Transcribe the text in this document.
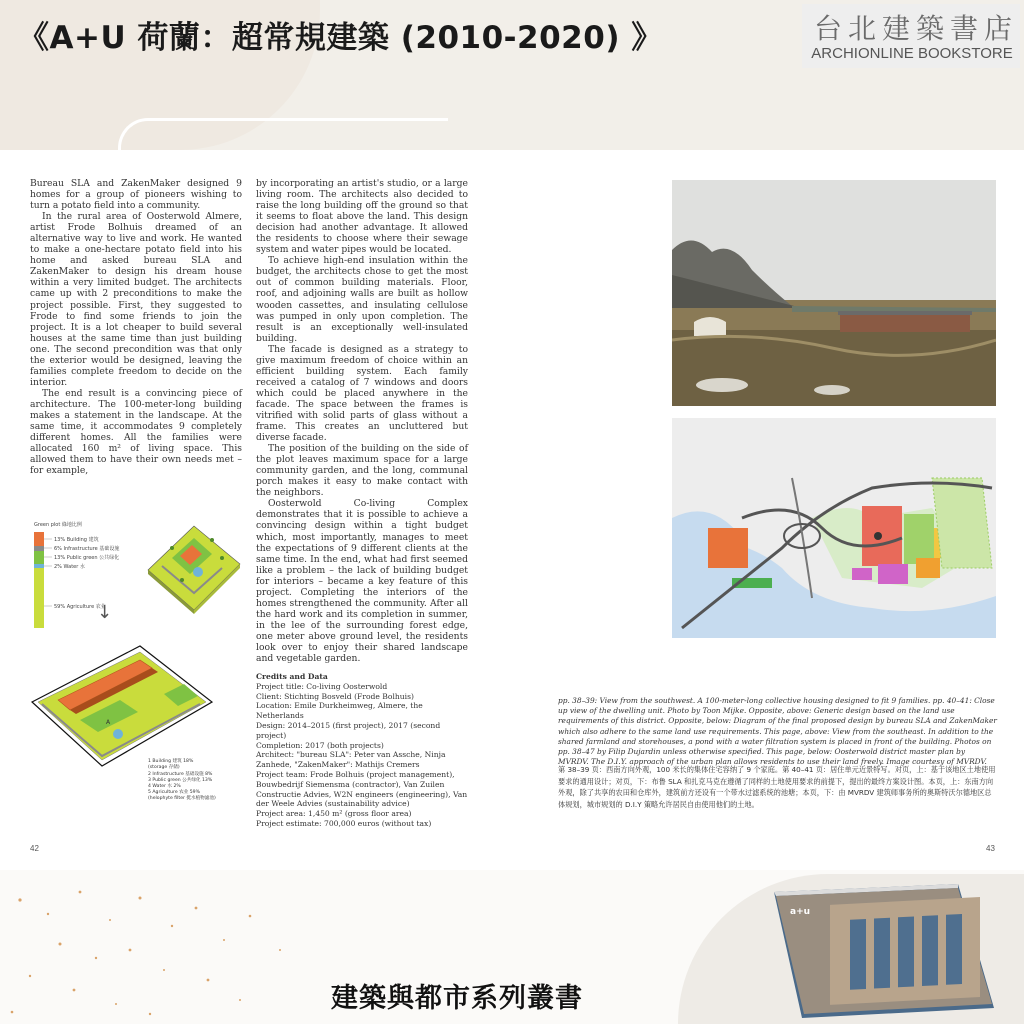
《A+U 荷蘭：超常規建築 (2010-2020) 》	台北建築書店
ARCHIONLINE BOOKSTORE

Bureau SLA and ZakenMaker designed 9 homes for a group of pioneers wishing to turn a potato field into a community.

In the rural area of Oosterwold Almere, artist Frode Bolhuis dreamed of an alternative way to live and work. He wanted to make a one-hectare potato field into his home and asked bureau SLA and ZakenMaker to design his dream house within a very limited budget. The architects came up with 2 preconditions to make the project possible. First, they suggested to Frode to find some friends to join the project. It is a lot cheaper to build several houses at the same time than just building one. The second precondition was that only the exterior would be designed, leaving the families complete freedom to decide on the interior.

The end result is a convincing piece of architecture. The 100-meter-long building makes a statement in the landscape. At the same time, it accommodates 9 completely different homes. All the families were allocated 160 m² of living space. This allowed them to have their own needs met – for example,

by incorporating an artist's studio, or a large living room. The architects also decided to raise the long building off the ground so that it seems to float above the land. This design decision had another advantage. It allowed the residents to choose where their sewage system and water pipes would be located.

To achieve high-end insulation within the budget, the architects chose to get the most out of common building materials. Floor, roof, and adjoining walls are built as hollow wooden cassettes, and insulating cellulose was pumped in only upon completion. The result is an exceptionally well-insulated building.

The facade is designed as a strategy to give maximum freedom of choice within an efficient building system. Each family received a catalog of 7 windows and doors which could be placed anywhere in the facade. The space between the frames is vitrified with solid parts of glass without a frame. This creates an uncluttered but diverse facade.

The position of the building on the side of the plot leaves maximum space for a large community garden, and the long, communal porch makes it easy to make contact with the neighbors.

Oosterwold Co-living Complex demonstrates that it is possible to achieve a convincing design within a tight budget which, most importantly, manages to meet the expectations of 9 different clients at the same time. In the end, what had first seemed like a problem – the lack of building budget for interiors – became a key feature of this project. Completing the interiors of the homes strengthened the community. After all the hard work and its completion in summer, in the lee of the surrounding forest edge, one meter above ground level, the residents look over to enjoy their shared landscape and vegetable garden.

Green plot 綠地比例
13% Building 建筑
6% Infrastructure 基础设施
13% Public green 公共绿化
2% Water 水
59% Agriculture 农业
↓
A
1 Building 建筑 18%
(storage 存储)
2 Infrastructure 基础设施 8%
3 Public green 公共绿化 13%
4 Water 水 2%
5 Agriculture 农业 59%
(helophyte filter 挺水植物滤池)
Credits and Data
Project title: Co-living Oosterwold
Client: Stichting Bosveld (Frode Bolhuis)
Location: Emile Durkheimweg, Almere, the Netherlands
Design: 2014–2015 (first project), 2017 (second project)
Completion: 2017 (both projects)
Architect: "bureau SLA": Peter van Assche, Ninja Zanhede, "ZakenMaker": Mathijs Cremers
Project team: Frode Bolhuis (project management), Bouwbedrijf Siemensma (contractor), Van Zuilen Constructie Advies, W2N engineers (engineering), Van der Weele Advies (sustainability advice)
Project area: 1,450 m² (gross floor area)
Project estimate: 700,000 euros (without tax)
pp. 38–39: View from the southwest. A 100-meter-long collective housing designed to fit 9 families. pp. 40–41: Close up view of the dwelling unit. Photo by Toon Mijke. Opposite, above: Generic design based on the land use requirements of this district. Opposite, below: Diagram of the final proposed design by bureau SLA and ZakenMaker which also adhere to the same land use requirements. This page, above: View from the southeast. In addition to the shared farmland and storehouses, a pond with a water filtration system is placed in front of the building. Photos on pp. 38–47 by Filip Dujardin unless otherwise specified. This page, below: Oosterwold district master plan by MVRDV. The D.I.Y. approach of the urban plan allows residents to use their land freely. Image courtesy of MVRDV.
第 38–39 页：西南方向外观，100 米长的集体住宅容纳了 9 个家庭。第 40–41 页：居住单元近景特写。对页，上：基于该地区土地使用要求的通用设计；对页，下：布鲁 SLA 和扎克马克在遵循了同样的土地使用要求的前提下，提出的最终方案设计图。本页，上：东南方向外观，除了共享的农田和仓库外，建筑前方还设有一个带水过滤系统的池塘；本页，下：由 MVRDV 建筑师事务所的奥斯特沃尔德地区总体规划，城市规划的 D.I.Y 策略允许居民自由使用他们的土地。
42	43
建築與都市系列叢書
a+u
